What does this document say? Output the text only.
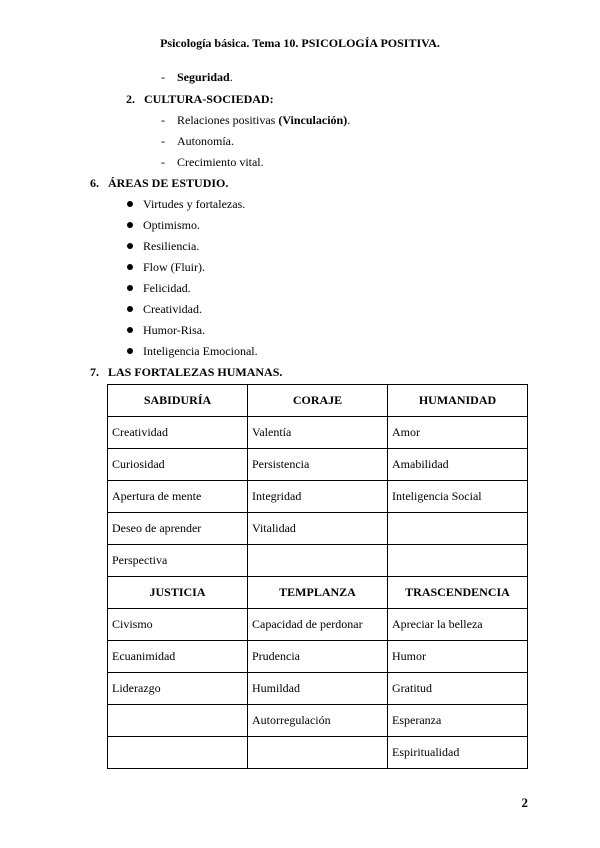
Psicología básica. Tema 10. PSICOLOGÍA POSITIVA.
- Seguridad.
2. CULTURA-SOCIEDAD:
- Relaciones positivas (Vinculación).
- Autonomía.
- Crecimiento vital.
6. ÁREAS DE ESTUDIO.
Virtudes y fortalezas.
Optimismo.
Resiliencia.
Flow (Fluir).
Felicidad.
Creatividad.
Humor-Risa.
Inteligencia Emocional.
7. LAS FORTALEZAS HUMANAS.
SABIDURÍA	CORAJE	HUMANIDAD
Creatividad	Valentía	Amor
Curiosidad	Persistencia	Amabilidad
Apertura de mente	Integridad	Inteligencia Social
Deseo de aprender	Vitalidad	
Perspectiva		
JUSTICIA	TEMPLANZA	TRASCENDENCIA
Civismo	Capacidad de perdonar	Apreciar la belleza
Ecuanimidad	Prudencia	Humor
Liderazgo	Humildad	Gratitud
	Autorregulación	Esperanza
		Espiritualidad
2
